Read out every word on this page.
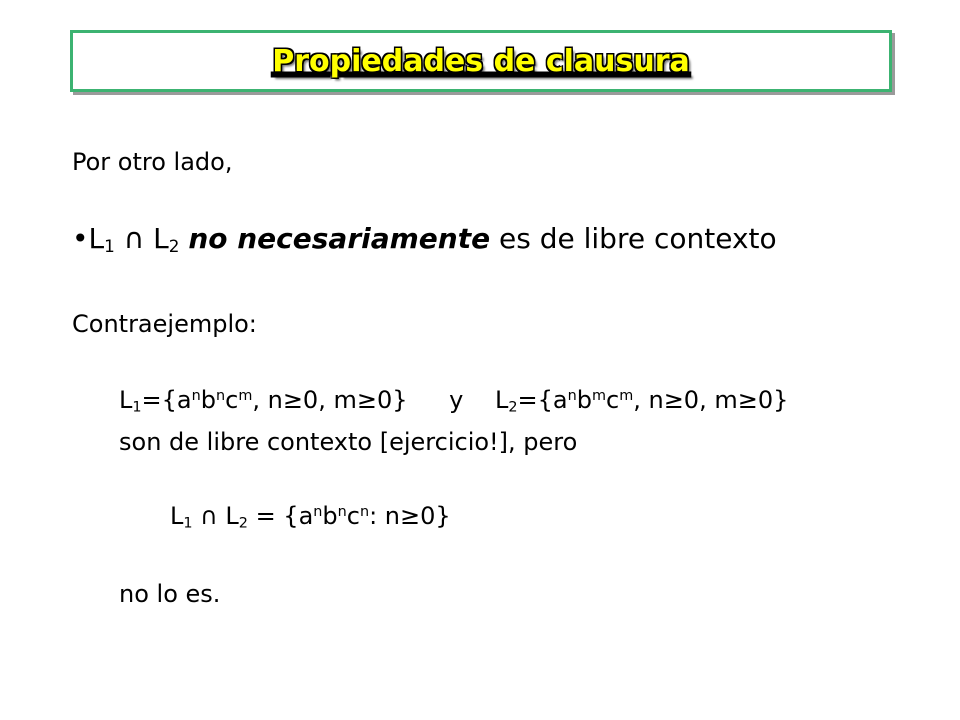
Propiedades de clausura
Por otro lado,
$•L_1$ ∩ $L_2$ no necesariamente es de libre contexto
Contraejemplo:
$L_1=\{a^nb^nc^m$, n≥0, m≥0} y $L_2=\{a^nb^mc^m$, n≥0, m≥0}
son de libre contexto [ejercicio!], pero
$L_1$ ∩ $L_2 = \{a^nb^nc^n$: n≥0}
no lo es.
